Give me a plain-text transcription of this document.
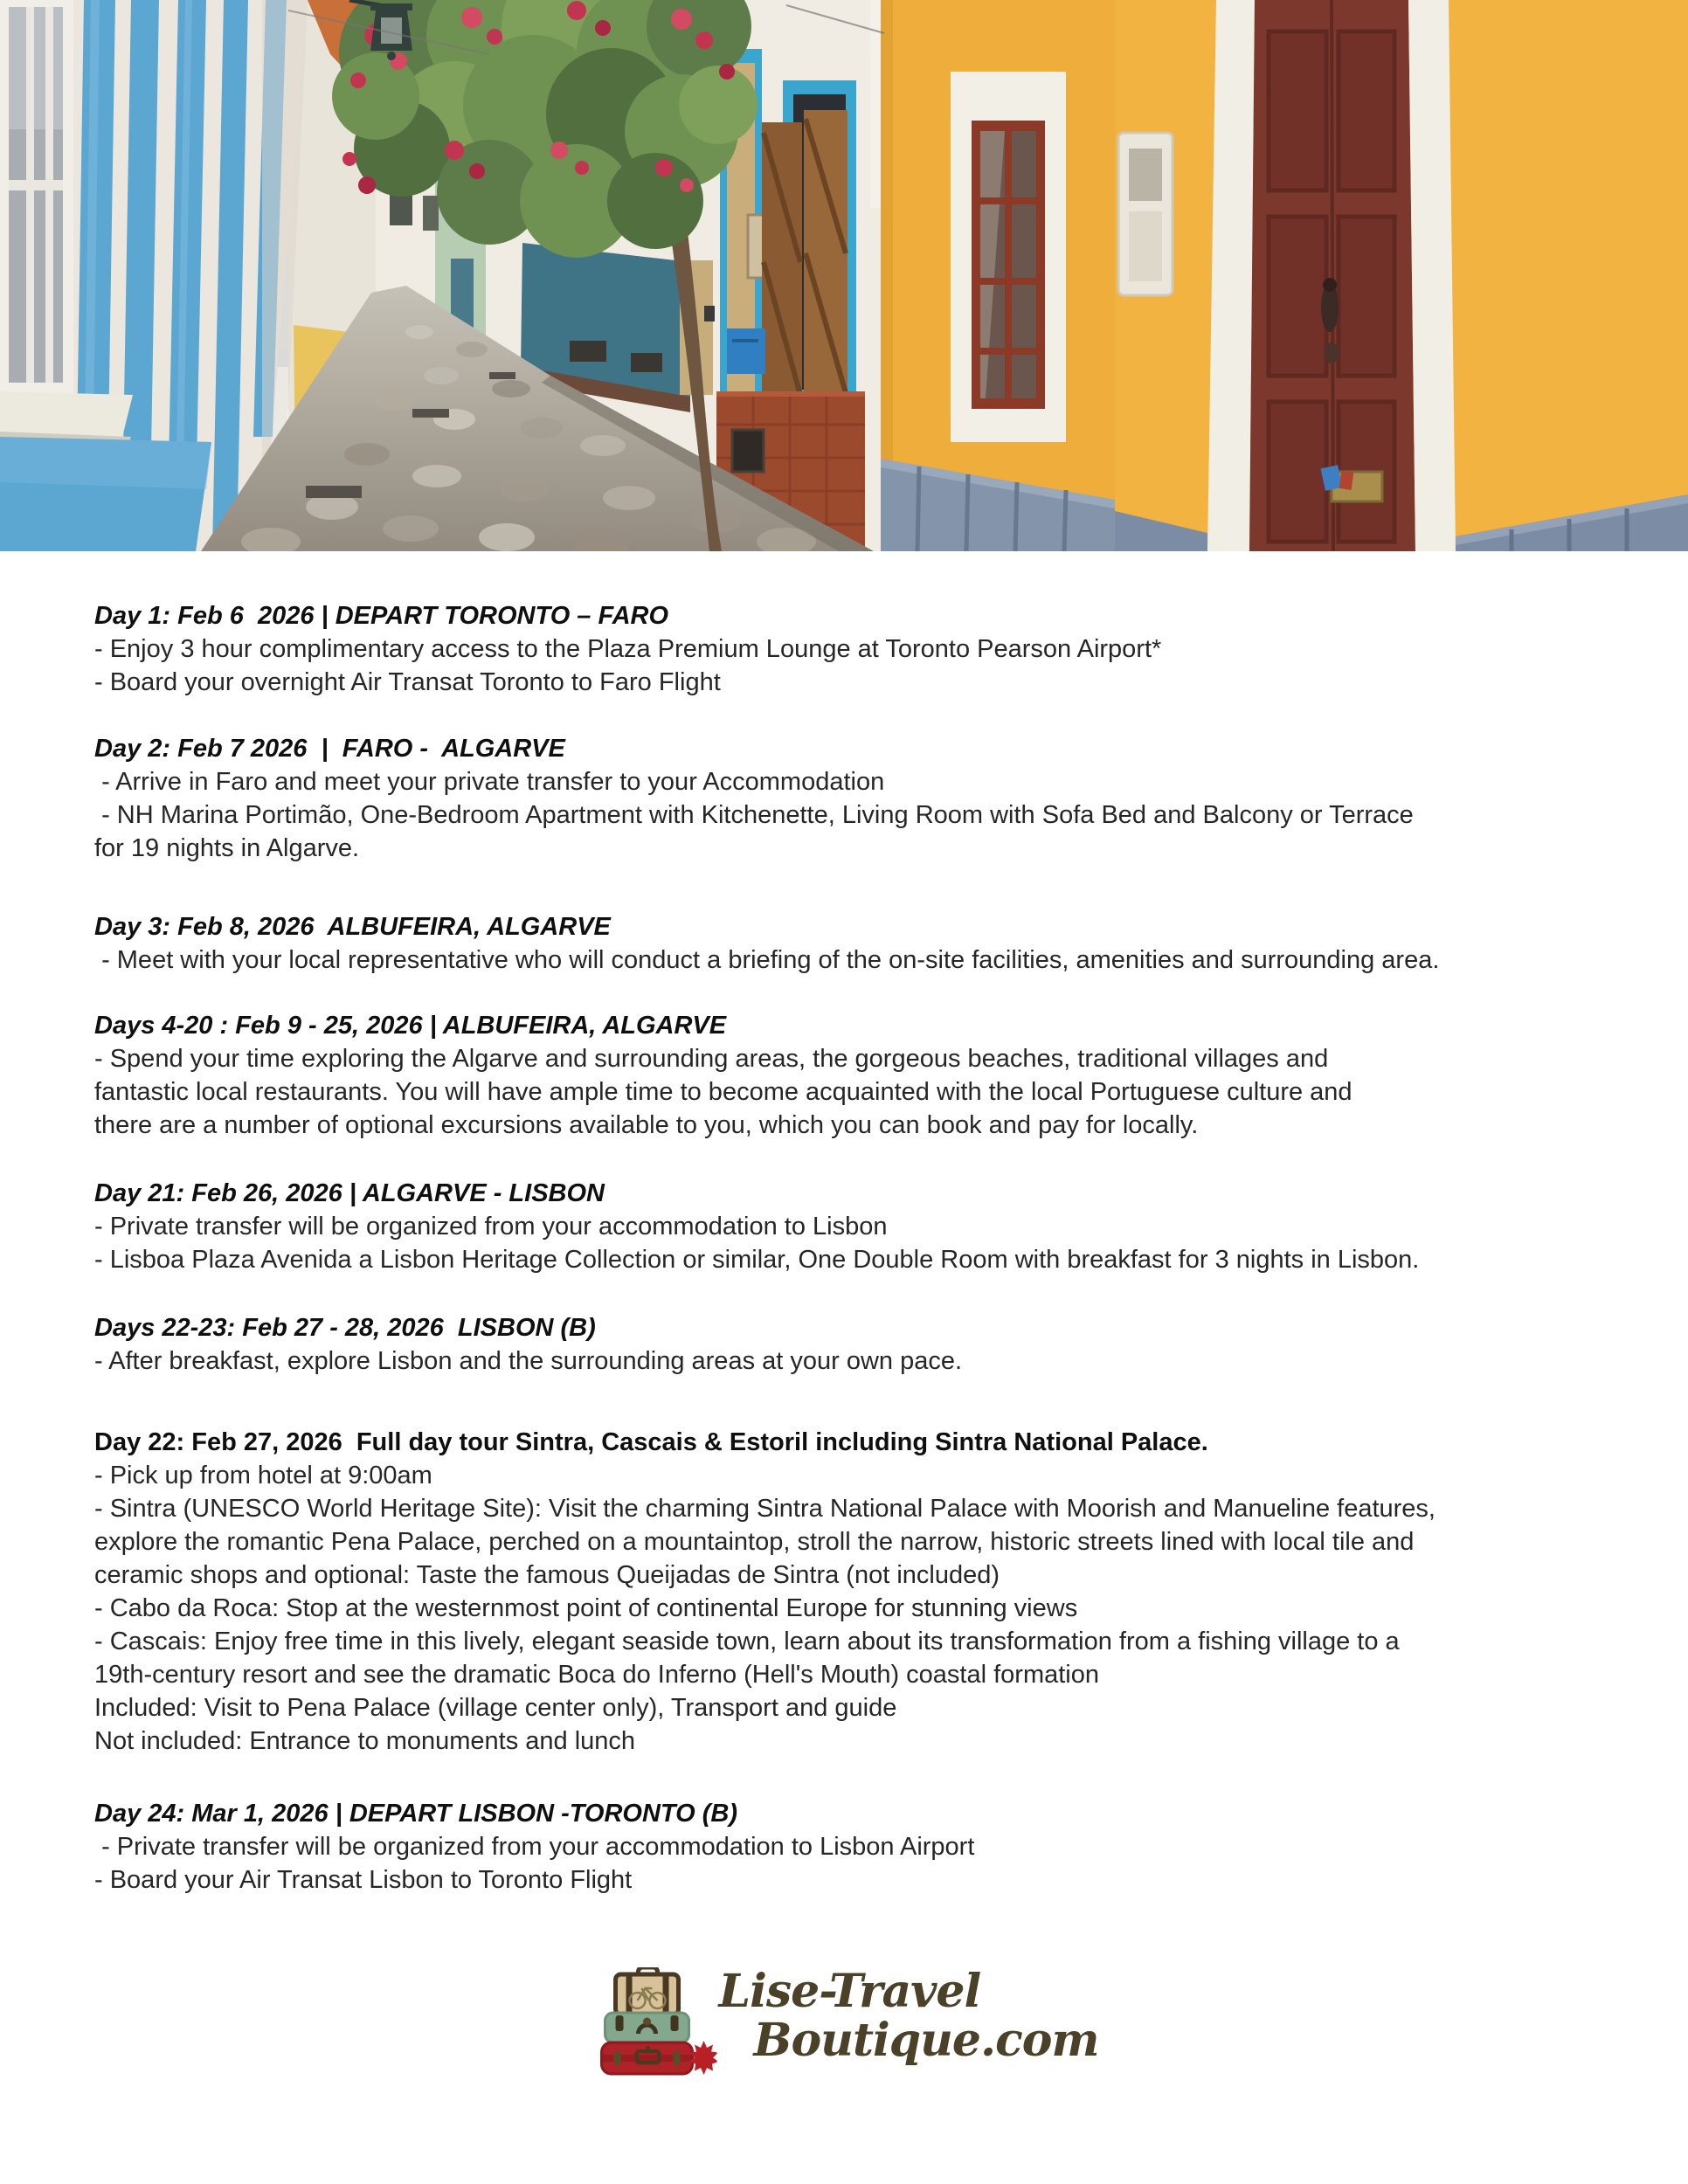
Day 1: Feb 6  2026 | DEPART TORONTO – FARO
- Enjoy 3 hour complimentary access to the Plaza Premium Lounge at Toronto Pearson Airport*
- Board your overnight Air Transat Toronto to Faro Flight
Day 2: Feb 7 2026  |  FARO -  ALGARVE
- Arrive in Faro and meet your private transfer to your Accommodation
- NH Marina Portimão, One-Bedroom Apartment with Kitchenette, Living Room with Sofa Bed and Balcony or Terrace
for 19 nights in Algarve.
Day 3: Feb 8, 2026  ALBUFEIRA, ALGARVE
- Meet with your local representative who will conduct a briefing of the on-site facilities, amenities and surrounding area.
Days 4-20 : Feb 9 - 25, 2026 | ALBUFEIRA, ALGARVE
- Spend your time exploring the Algarve and surrounding areas, the gorgeous beaches, traditional villages and
fantastic local restaurants. You will have ample time to become acquainted with the local Portuguese culture and
there are a number of optional excursions available to you, which you can book and pay for locally.
Day 21: Feb 26, 2026 | ALGARVE - LISBON
- Private transfer will be organized from your accommodation to Lisbon
- Lisboa Plaza Avenida a Lisbon Heritage Collection or similar, One Double Room with breakfast for 3 nights in Lisbon.
Days 22-23: Feb 27 - 28, 2026  LISBON (B)
- After breakfast, explore Lisbon and the surrounding areas at your own pace.
Day 22: Feb 27, 2026  Full day tour Sintra, Cascais & Estoril including Sintra National Palace.
- Pick up from hotel at 9:00am
- Sintra (UNESCO World Heritage Site): Visit the charming Sintra National Palace with Moorish and Manueline features,
explore the romantic Pena Palace, perched on a mountaintop, stroll the narrow, historic streets lined with local tile and
ceramic shops and optional: Taste the famous Queijadas de Sintra (not included)
- Cabo da Roca: Stop at the westernmost point of continental Europe for stunning views
- Cascais: Enjoy free time in this lively, elegant seaside town, learn about its transformation from a fishing village to a
19th-century resort and see the dramatic Boca do Inferno (Hell's Mouth) coastal formation
Included: Visit to Pena Palace (village center only), Transport and guide
Not included: Entrance to monuments and lunch
Day 24: Mar 1, 2026 | DEPART LISBON -TORONTO (B)
- Private transfer will be organized from your accommodation to Lisbon Airport
- Board your Air Transat Lisbon to Toronto Flight
Lise-Travel
Boutique.com
